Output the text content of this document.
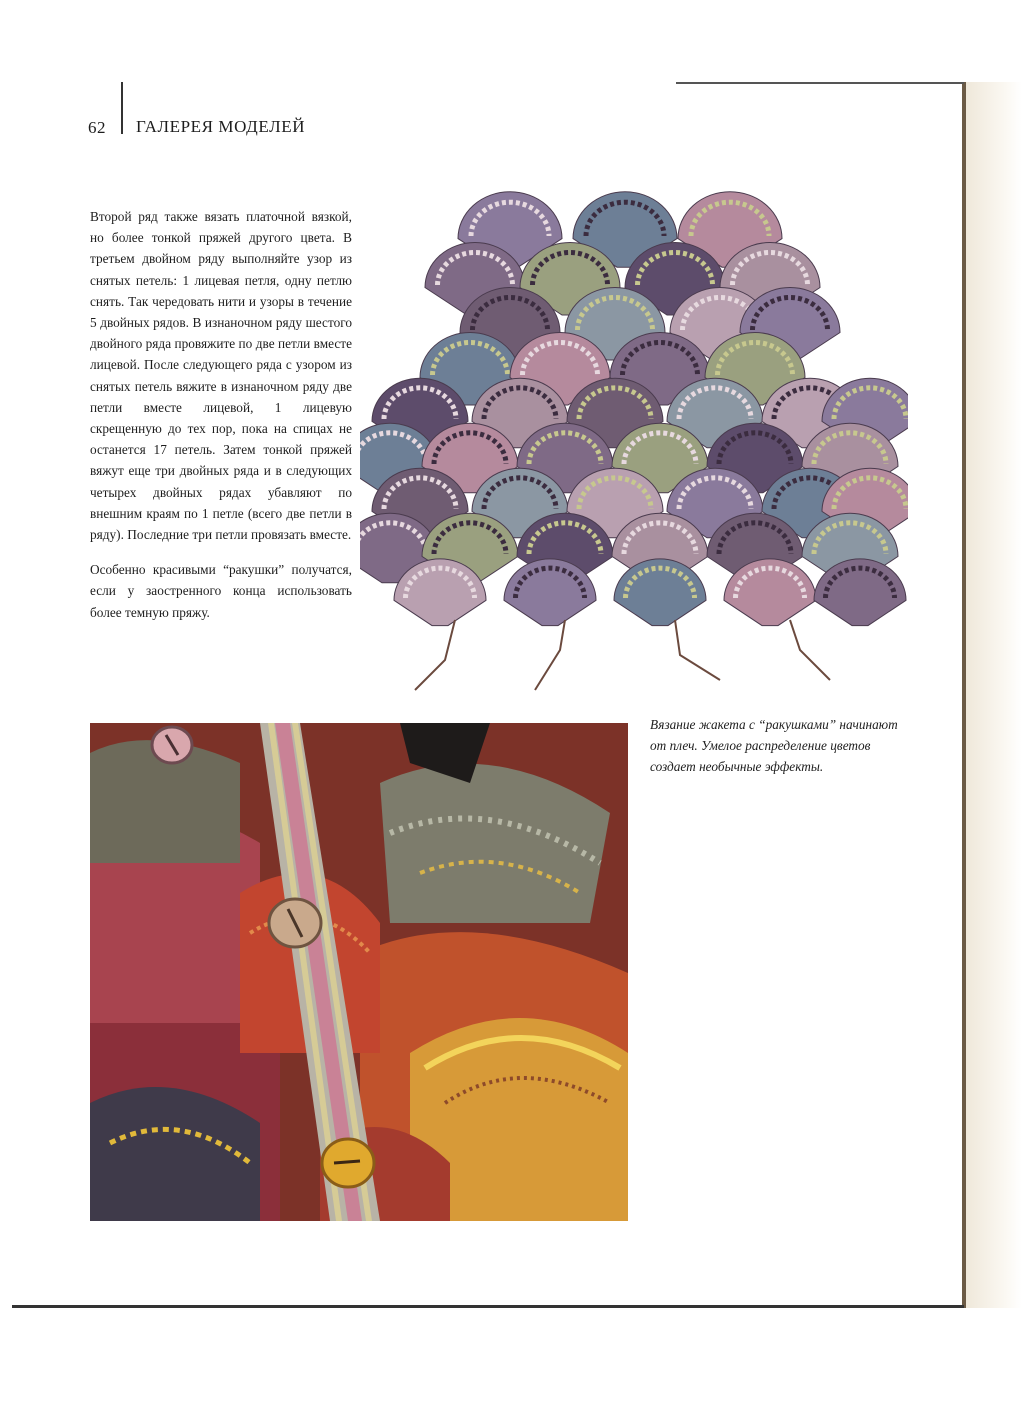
62 ГАЛЕРЕЯ МОДЕЛЕЙ

Второй ряд также вязать платочной вязкой, но более тонкой пряжей другого цвета. В третьем двойном ряду выполняйте узор из снятых петель: 1 лицевая петля, одну петлю снять. Так чередовать нити и узоры в течение 5 двойных рядов. В изнаночном ряду шестого двойного ряда провяжите по две петли вместе лицевой. После следующего ряда с узором из снятых петель вяжите в изнаночном ряду две петли вместе лицевой, 1 лицевую скрещенную до тех пор, пока на спицах не останется 17 петель. Затем тонкой пряжей вяжут еще три двойных ряда и в следующих четырех двойных рядах убавляют по внешним краям по 1 петле (всего две петли в ряду). Последние три петли провязать вместе.

Особенно красивыми “ракушки” получатся, если у заостренного конца использовать более темную пряжу.

Вязание жакета с “ракушками” начинают от плеч. Умелое распределение цветов создает необычные эффекты.
